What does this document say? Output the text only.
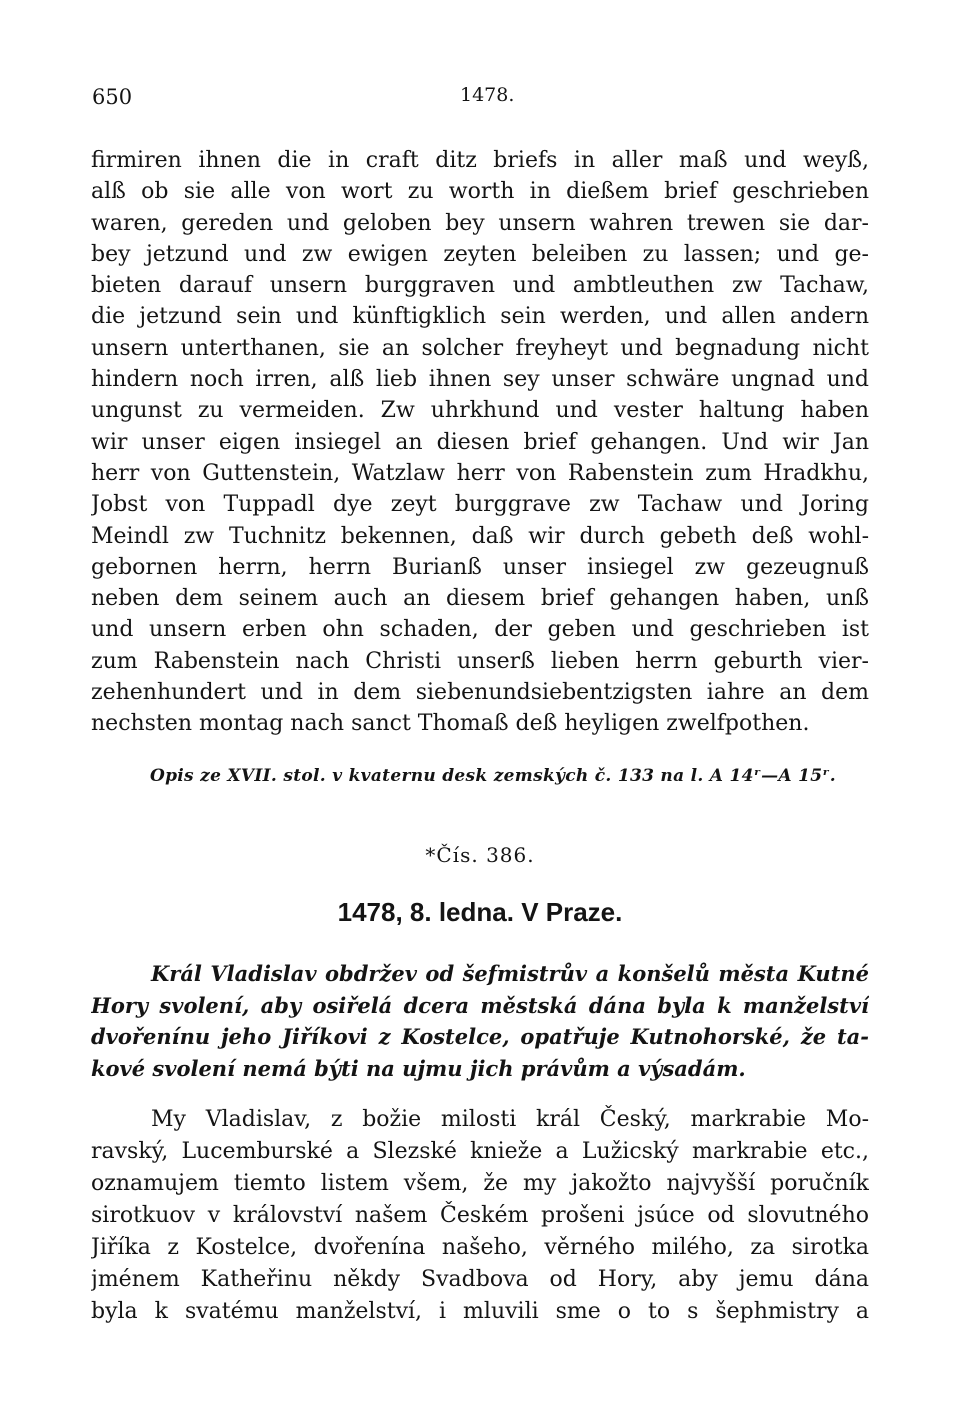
650	1478.
firmiren ihnen die in craft ditz briefs in aller maß und weyß,
alß ob sie alle von wort zu worth in dießem brief geschrieben
waren, gereden und geloben bey unsern wahren trewen sie dar-
bey jetzund und zw ewigen zeyten beleiben zu lassen; und ge-
bieten darauf unsern burggraven und ambtleuthen zw Tachaw,
die jetzund sein und künftigklich sein werden, und allen andern
unsern unterthanen, sie an solcher freyheyt und begnadung nicht
hindern noch irren, alß lieb ihnen sey unser schwäre ungnad und
ungunst zu vermeiden. Zw uhrkhund und vester haltung haben
wir unser eigen insiegel an diesen brief gehangen. Und wir Jan
herr von Guttenstein, Watzlaw herr von Rabenstein zum Hradkhu,
Jobst von Tuppadl dye zeyt burggrave zw Tachaw und Joring
Meindl zw Tuchnitz bekennen, daß wir durch gebeth deß wohl-
gebornen herrn, herrn Burianß unser insiegel zw gezeugnuß
neben dem seinem auch an diesem brief gehangen haben, unß
und unsern erben ohn schaden, der geben und geschrieben ist
zum Rabenstein nach Christi unserß lieben herrn geburth vier-
zehenhundert und in dem siebenundsiebentzigsten iahre an dem
nechsten montag nach sanct Thomaß deß heyligen zwelfpothen.
Opis ze XVII. stol. v kvaternu desk zemských č. 133 na l. A 14ʳ—A 15ʳ.
*Čís. 386.
1478, 8. ledna. V Praze.
Král Vladislav obdržev od šefmistrův a konšelů města Kutné
Hory svolení, aby osiřelá dcera městská dána byla k manželství
dvořenínu jeho Jiříkovi z Kostelce, opatřuje Kutnohorské, že ta-
kové svolení nemá býti na ujmu jich právům a výsadám.
My Vladislav, z božie milosti král Český, markrabie Mo-
ravský, Lucemburské a Slezské knieže a Lužicský markrabie etc.,
oznamujem tiemto listem všem, že my jakožto najvyšší poručník
sirotkuov v království našem Českém prošeni jsúce od slovutného
Jiříka z Kostelce, dvořenína našeho, věrného milého, za sirotka
jménem Katheřinu někdy Svadbova od Hory, aby jemu dána
byla k svatému manželství, i mluvili sme o to s šephmistry a
